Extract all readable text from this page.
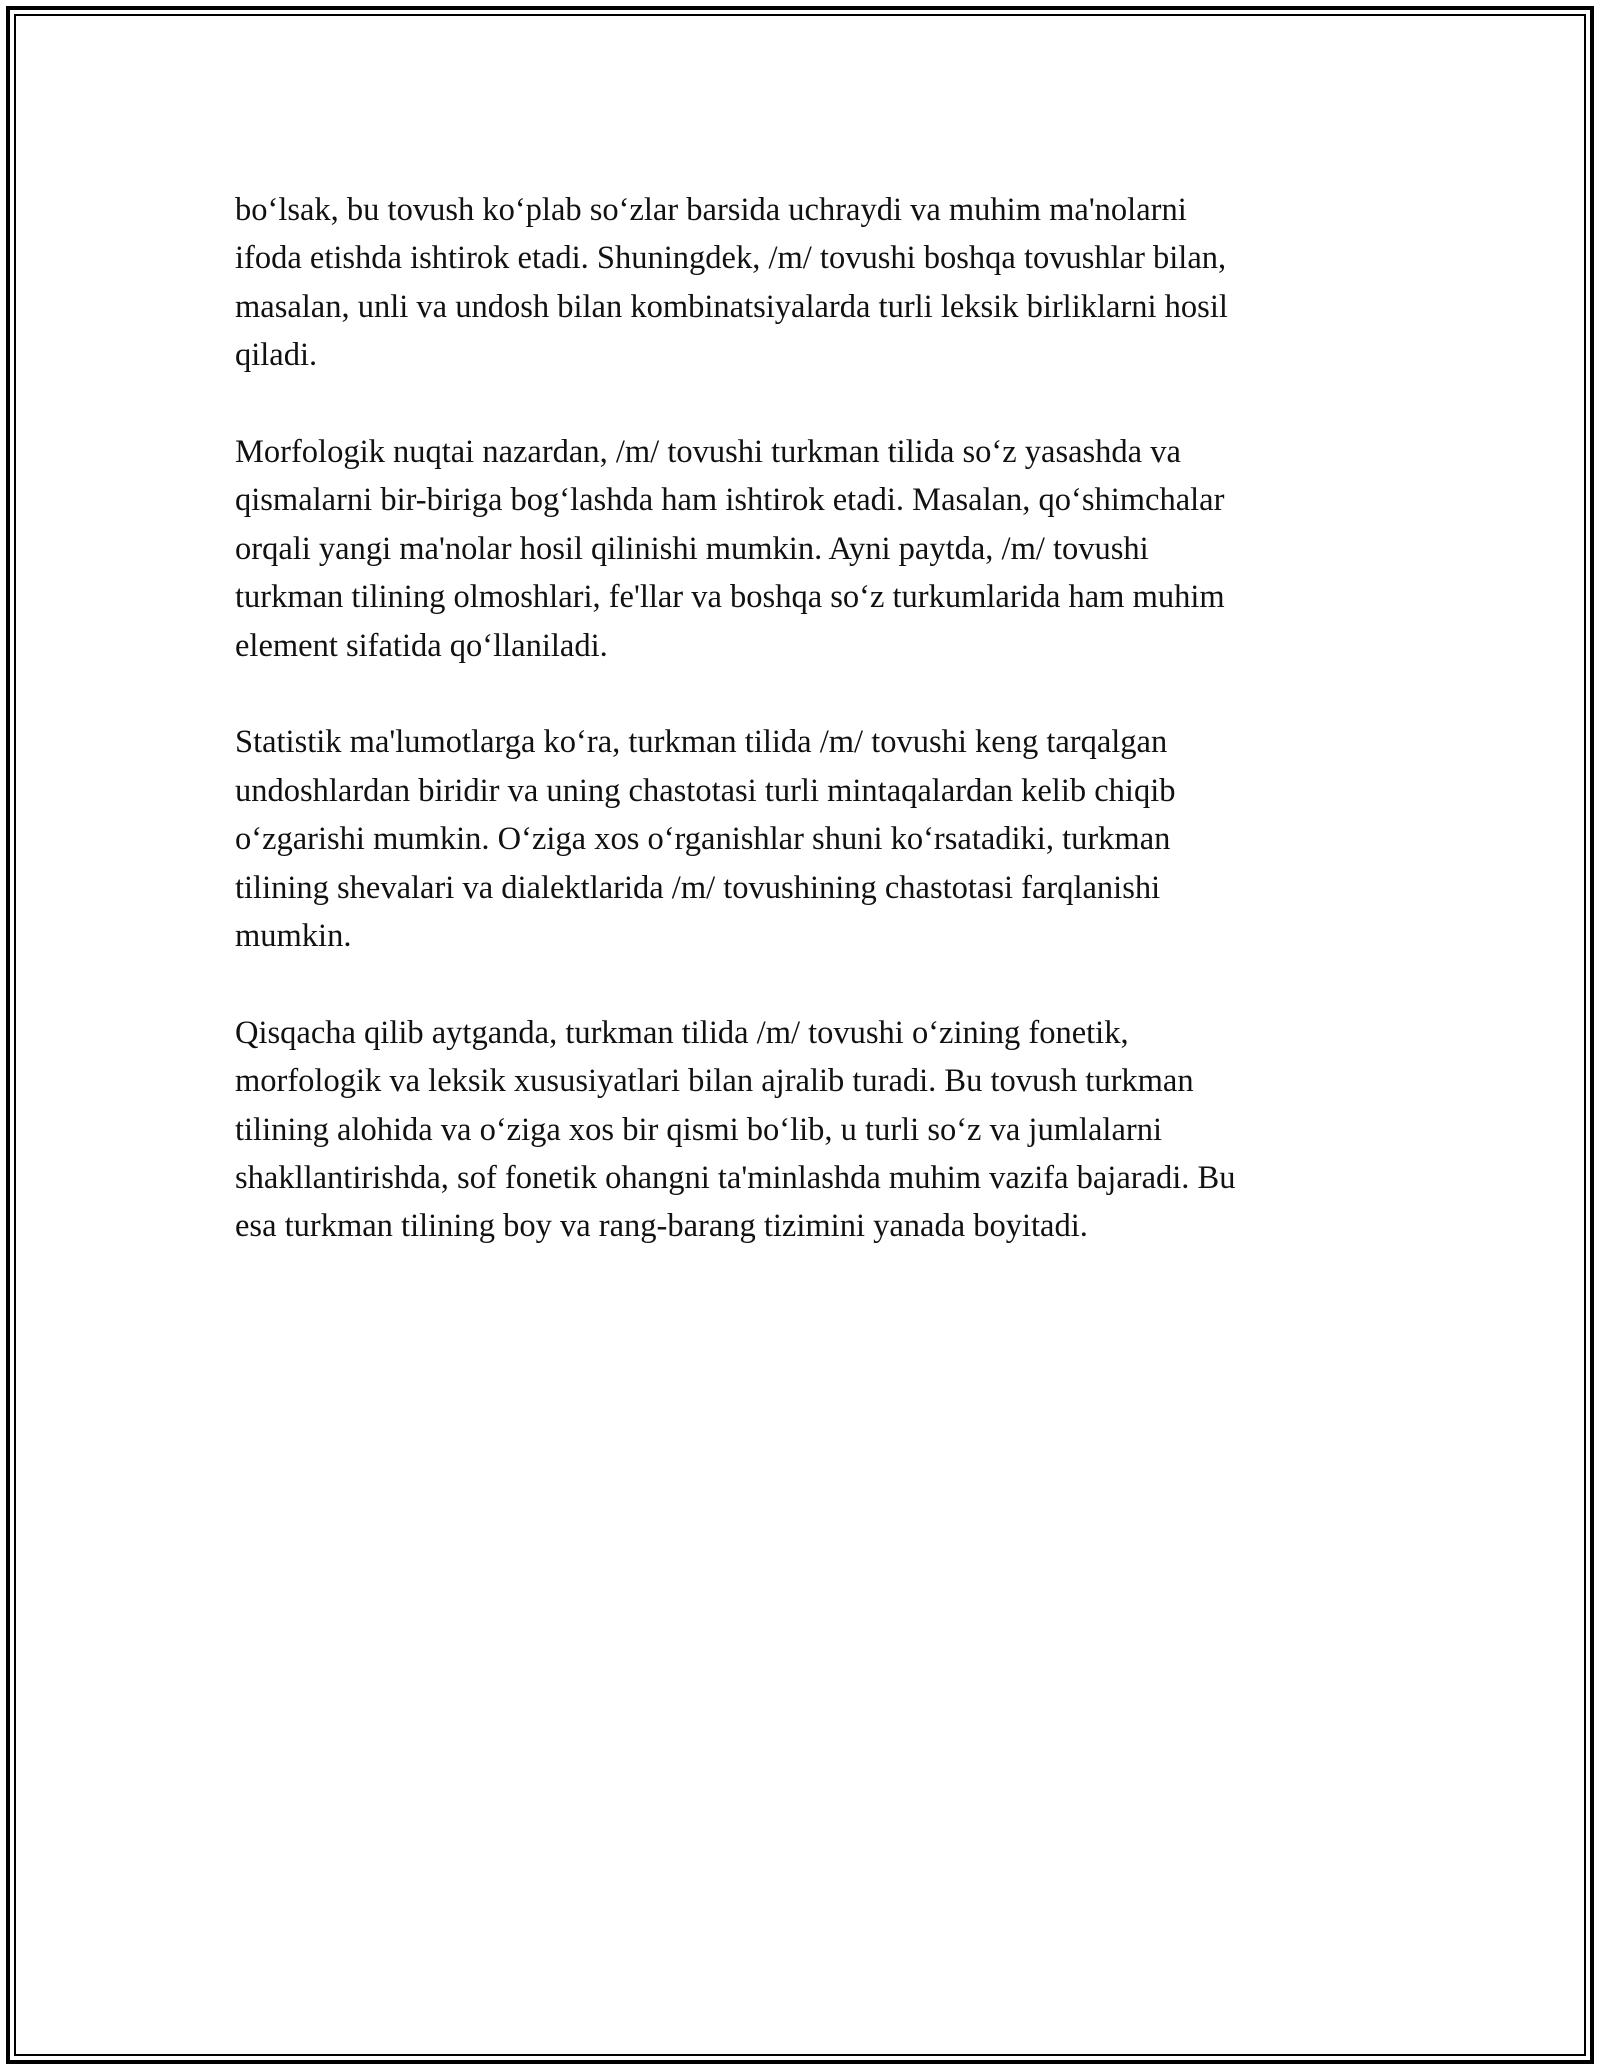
bo‘lsak, bu tovush ko‘plab so‘zlar barsida uchraydi va muhim ma'nolarni
ifoda etishda ishtirok etadi. Shuningdek, /m/ tovushi boshqa tovushlar bilan,
masalan, unli va undosh bilan kombinatsiyalarda turli leksik birliklarni hosil
qiladi.

Morfologik nuqtai nazardan, /m/ tovushi turkman tilida so‘z yasashda va
qismalarni bir-biriga bog‘lashda ham ishtirok etadi. Masalan, qo‘shimchalar
orqali yangi ma'nolar hosil qilinishi mumkin. Ayni paytda, /m/ tovushi
turkman tilining olmoshlari, fe'llar va boshqa so‘z turkumlarida ham muhim
element sifatida qo‘llaniladi.

Statistik ma'lumotlarga ko‘ra, turkman tilida /m/ tovushi keng tarqalgan
undoshlardan biridir va uning chastotasi turli mintaqalardan kelib chiqib
o‘zgarishi mumkin. O‘ziga xos o‘rganishlar shuni ko‘rsatadiki, turkman
tilining shevalari va dialektlarida /m/ tovushining chastotasi farqlanishi
mumkin.

Qisqacha qilib aytganda, turkman tilida /m/ tovushi o‘zining fonetik,
morfologik va leksik xususiyatlari bilan ajralib turadi. Bu tovush turkman
tilining alohida va o‘ziga xos bir qismi bo‘lib, u turli so‘z va jumlalarni
shakllantirishda, sof fonetik ohangni ta'minlashda muhim vazifa bajaradi. Bu
esa turkman tilining boy va rang-barang tizimini yanada boyitadi.
